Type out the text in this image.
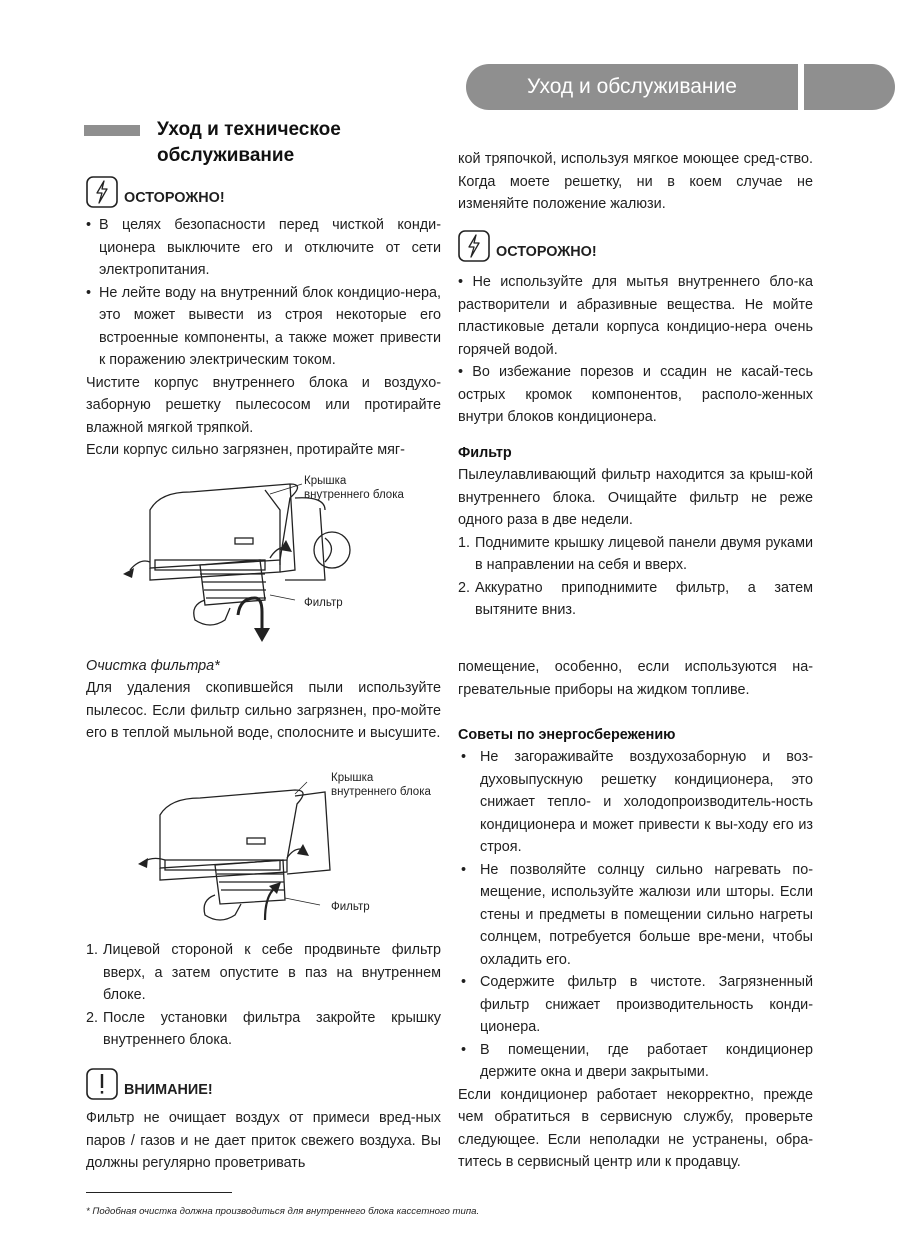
Уход и обслуживание
Уход и техническое
обслуживание
ОСТОРОЖНО!
• В целях безопасности перед чисткой конди-ционера выключите его и отключите от сети электропитания.
• Не лейте воду на внутренний блок кондицио-нера, это может вывести из строя некоторые его встроенные компоненты, а также может привести к поражению электрическим током.

Чистите корпус внутреннего блока и воздухо-заборную решетку пылесосом или протирайте влажной мягкой тряпкой.

Если корпус сильно загрязнен, протирайте мяг-

Крышка
внутреннего блока
Фильтр
Очистка фильтра*

Для удаления скопившейся пыли используйте пылесос. Если фильтр сильно загрязнен, про-мойте его в теплой мыльной воде, сполосните и высушите.

Крышка
внутреннего блока
Фильтр
1. Лицевой стороной к себе продвиньте фильтр вверх, а затем опустите в паз на внутреннем блоке.
2. После установки фильтра закройте крышку внутреннего блока.
ВНИМАНИЕ!
Фильтр не очищает воздух от примеси вред-ных паров / газов и не дает приток свежего воздуха. Вы должны регулярно проветривать
кой тряпочкой, используя мягкое моющее сред-ство. Когда моете решетку, ни в коем случае не изменяйте положение жалюзи.
ОСТОРОЖНО!

• Не используйте для мытья внутреннего бло-ка растворители и абразивные вещества. Не мойте пластиковые детали корпуса кондицио-нера очень горячей водой.

• Во избежание порезов и ссадин не касай-тесь острых кромок компонентов, располо-женных внутри блоков кондиционера.

Фильтр

Пылеулавливающий фильтр находится за крыш-кой внутреннего блока. Очищайте фильтр не реже одного раза в две недели.

1. Поднимите крышку лицевой панели двумя руками в направлении на себя и вверх.
2. Аккуратно приподнимите фильтр, а затем вытяните вниз.
помещение, особенно, если используются на-гревательные приборы на жидком топливе.
Советы по энергосбережению
• Не загораживайте воздухозаборную и воз-духовыпускную решетку кондиционера, это снижает тепло- и холодопроизводитель-ность кондиционера и может привести к вы-ходу его из строя.
• Не позволяйте солнцу сильно нагревать по-мещение, используйте жалюзи или шторы. Если стены и предметы в помещении сильно нагреты солнцем, потребуется больше вре-мени, чтобы охладить его.
• Содержите фильтр в чистоте. Загрязненный фильтр снижает производительность конди-ционера.
• В помещении, где работает кондиционер держите окна и двери закрытыми.

Если кондиционер работает некорректно, прежде чем обратиться в сервисную службу, проверьте следующее. Если неполадки не устранены, обра-титесь в сервисный центр или к продавцу.

* Подобная очистка должна производиться для внутреннего блока кассетного типа.
